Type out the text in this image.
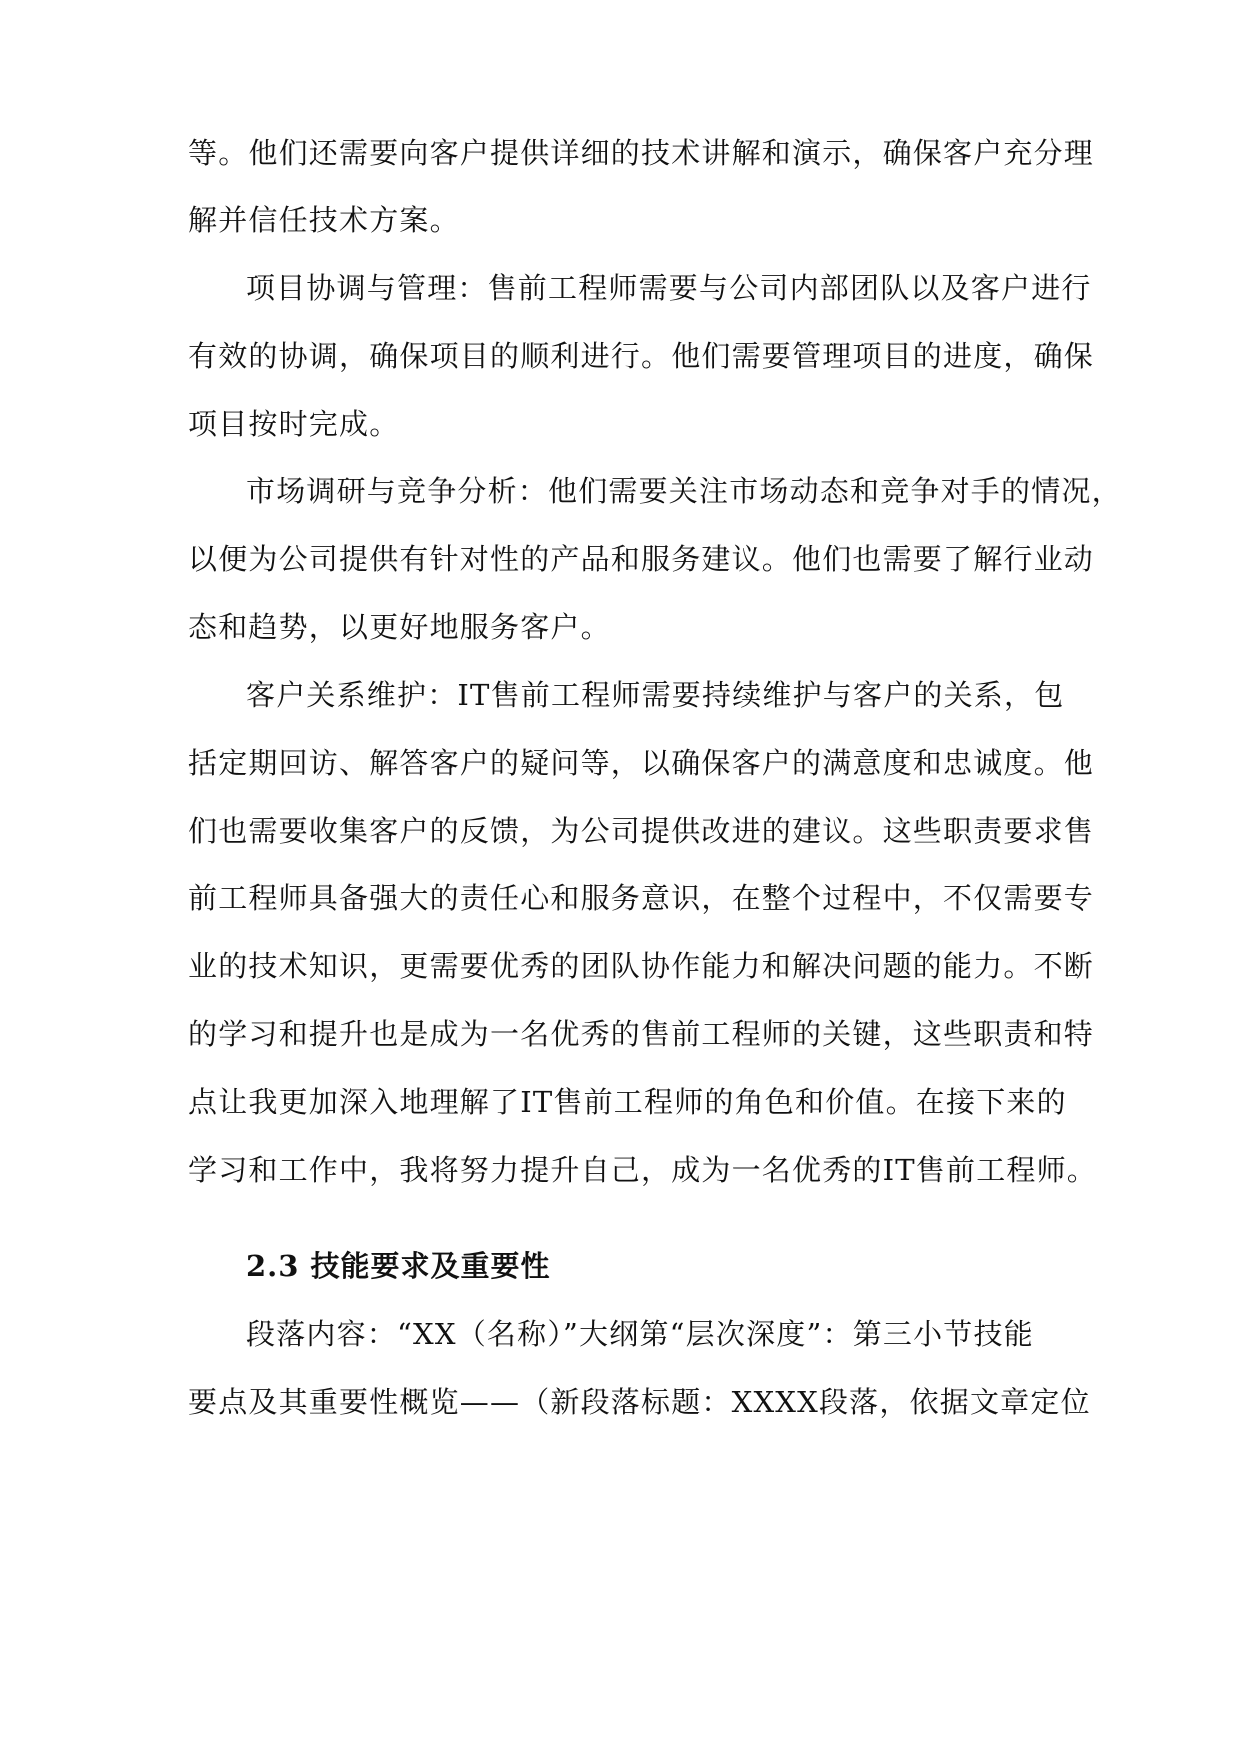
等。他们还需要向客户提供详细的技术讲解和演示，确保客户充分理
解并信任技术方案。
项目协调与管理：售前工程师需要与公司内部团队以及客户进行
有效的协调，确保项目的顺利进行。他们需要管理项目的进度，确保
项目按时完成。
市场调研与竞争分析：他们需要关注市场动态和竞争对手的情况，
以便为公司提供有针对性的产品和服务建议。他们也需要了解行业动
态和趋势，以更好地服务客户。
客户关系维护：IT售前工程师需要持续维护与客户的关系，包
括定期回访、解答客户的疑问等，以确保客户的满意度和忠诚度。他
们也需要收集客户的反馈，为公司提供改进的建议。这些职责要求售
前工程师具备强大的责任心和服务意识，在整个过程中，不仅需要专
业的技术知识，更需要优秀的团队协作能力和解决问题的能力。不断
的学习和提升也是成为一名优秀的售前工程师的关键，这些职责和特
点让我更加深入地理解了IT售前工程师的角色和价值。在接下来的
学习和工作中，我将努力提升自己，成为一名优秀的IT售前工程师。
2.3 技能要求及重要性
段落内容：“XX（名称）”大纲第“层次深度”：第三小节技能
要点及其重要性概览——（新段落标题：XXXX段落，依据文章定位
